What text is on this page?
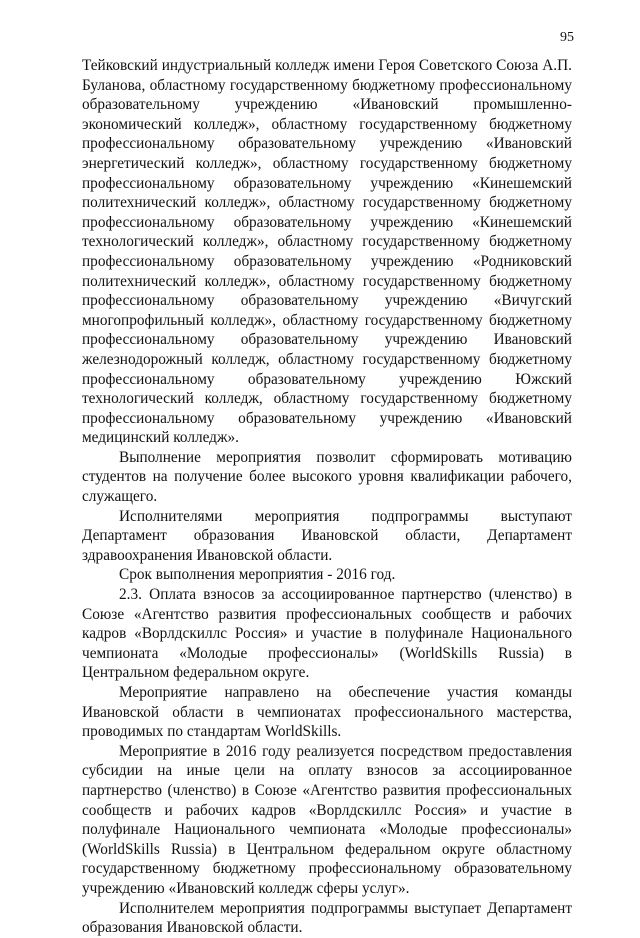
95

Тейковский индустриальный колледж имени Героя Советского Союза А.П. Буланова, областному государственному бюджетному профессиональному образовательному учреждению «Ивановский промышленно-экономический колледж», областному государственному бюджетному профессиональному образовательному учреждению «Ивановский энергетический колледж», областному государственному бюджетному профессиональному образовательному учреждению «Кинешемский политехнический колледж», областному государственному бюджетному профессиональному образовательному учреждению «Кинешемский технологический колледж», областному государственному бюджетному профессиональному образовательному учреждению «Родниковский политехнический колледж», областному государственному бюджетному профессиональному образовательному учреждению «Вичугский многопрофильный колледж», областному государственному бюджетному профессиональному образовательному учреждению Ивановский железнодорожный колледж, областному государственному бюджетному профессиональному образовательному учреждению Южский технологический колледж, областному государственному бюджетному профессиональному образовательному учреждению «Ивановский медицинский колледж».

Выполнение мероприятия позволит сформировать мотивацию студентов на получение более высокого уровня квалификации рабочего, служащего.

Исполнителями мероприятия подпрограммы выступают Департамент образования Ивановской области, Департамент здравоохранения Ивановской области.

Срок выполнения мероприятия - 2016 год.

2.3. Оплата взносов за ассоциированное партнерство (членство) в Союзе «Агентство развития профессиональных сообществ и рабочих кадров «Ворлдскиллс Россия» и участие в полуфинале Национального чемпионата «Молодые профессионалы» (WorldSkills Russia) в Центральном федеральном округе.

Мероприятие направлено на обеспечение участия команды Ивановской области в чемпионатах профессионального мастерства, проводимых по стандартам WorldSkills.

Мероприятие в 2016 году реализуется посредством предоставления субсидии на иные цели на оплату взносов за ассоциированное партнерство (членство) в Союзе «Агентство развития профессиональных сообществ и рабочих кадров «Ворлдскиллс Россия» и участие в полуфинале Национального чемпионата «Молодые профессионалы» (WorldSkills Russia) в Центральном федеральном округе областному государственному бюджетному профессиональному образовательному учреждению «Ивановский колледж сферы услуг».

Исполнителем мероприятия подпрограммы выступает Департамент образования Ивановской области.
